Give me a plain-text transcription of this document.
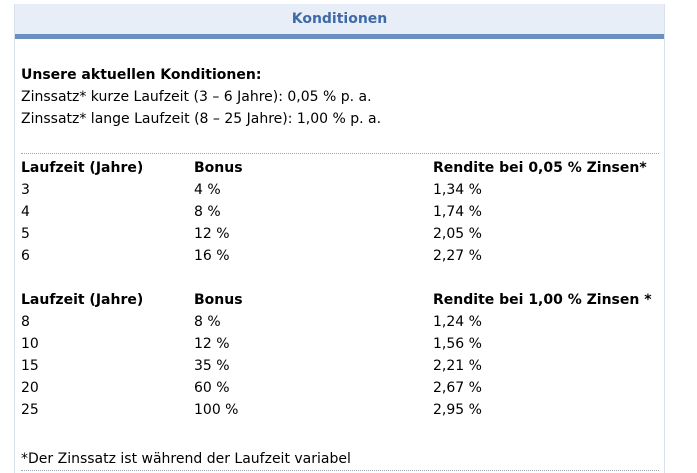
Konditionen
Unsere aktuellen Konditionen:
Zinssatz* kurze Laufzeit (3 – 6 Jahre): 0,05 % p. a.
Zinssatz* lange Laufzeit (8 – 25 Jahre): 1,00 % p. a.
Laufzeit (Jahre)	Bonus	Rendite bei 0,05 % Zinsen*
3	4 %	1,34 %
4	8 %	1,74 %
5	12 %	2,05 %
6	16 %	2,27 %
Laufzeit (Jahre)	Bonus	Rendite bei 1,00 % Zinsen *
8	8 %	1,24 %
10	12 %	1,56 %
15	35 %	2,21 %
20	60 %	2,67 %
25	100 %	2,95 %
*Der Zinssatz ist während der Laufzeit variabel
